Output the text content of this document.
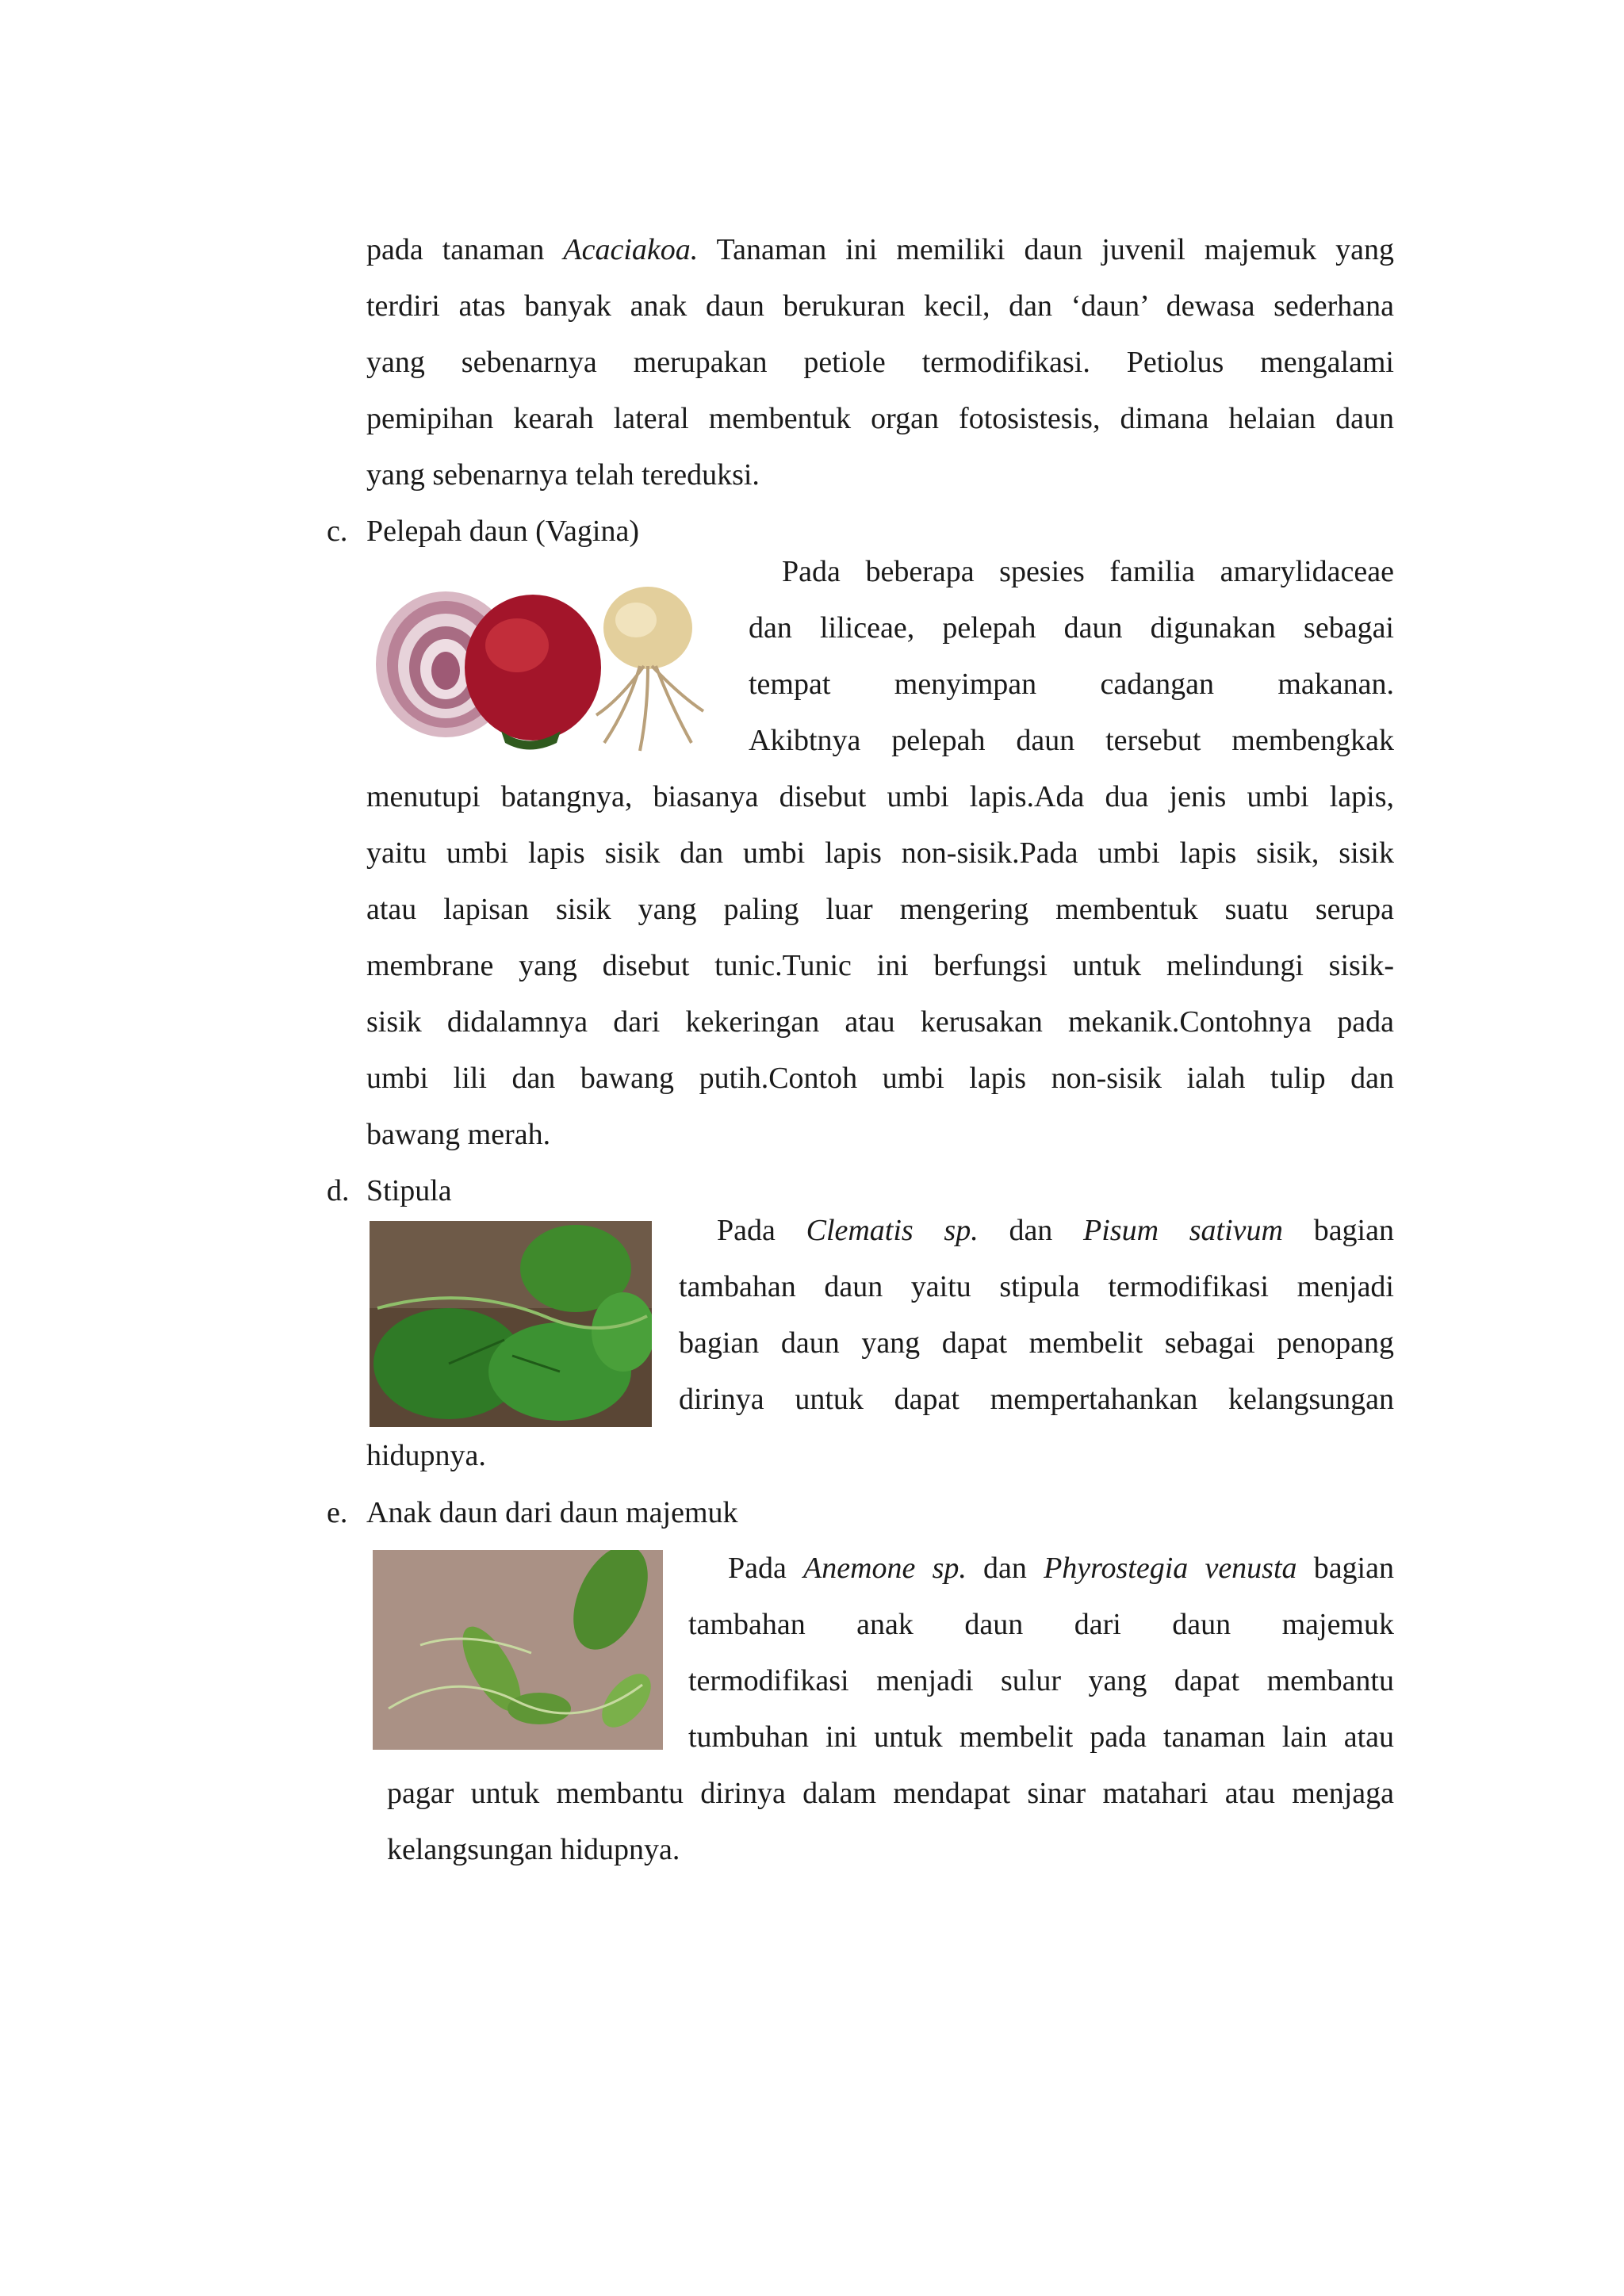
pada tanaman Acaciakoa. Tanaman ini memiliki daun juvenil majemuk yang
terdiri atas banyak anak daun berukuran kecil, dan ‘daun’ dewasa sederhana
yang sebenarnya merupakan petiole termodifikasi. Petiolus mengalami
pemipihan kearah lateral membentuk organ fotosistesis, dimana helaian daun
yang sebenarnya telah tereduksi.
c. Pelepah daun (Vagina)
Pada beberapa spesies familia amarylidaceae
dan liliceae, pelepah daun digunakan sebagai
tempat menyimpan cadangan makanan.
Akibtnya pelepah daun tersebut membengkak
menutupi batangnya, biasanya disebut umbi lapis.Ada dua jenis umbi lapis,
yaitu umbi lapis sisik dan umbi lapis non-sisik.Pada umbi lapis sisik, sisik
atau lapisan sisik yang paling luar mengering membentuk suatu serupa
membrane yang disebut tunic.Tunic ini berfungsi untuk melindungi sisik-
sisik didalamnya dari kekeringan atau kerusakan mekanik.Contohnya pada
umbi lili dan bawang putih.Contoh umbi lapis non-sisik ialah tulip dan
bawang merah.
d. Stipula
Pada Clematis sp. dan Pisum sativum bagian
tambahan daun yaitu stipula termodifikasi menjadi
bagian daun yang dapat membelit sebagai penopang
dirinya untuk dapat mempertahankan kelangsungan
hidupnya.
e. Anak daun dari daun majemuk
Pada Anemone sp. dan Phyrostegia venusta bagian
tambahan anak daun dari daun majemuk
termodifikasi menjadi sulur yang dapat membantu
tumbuhan ini untuk membelit pada tanaman lain atau
pagar untuk membantu dirinya dalam mendapat sinar matahari atau menjaga
kelangsungan hidupnya.
